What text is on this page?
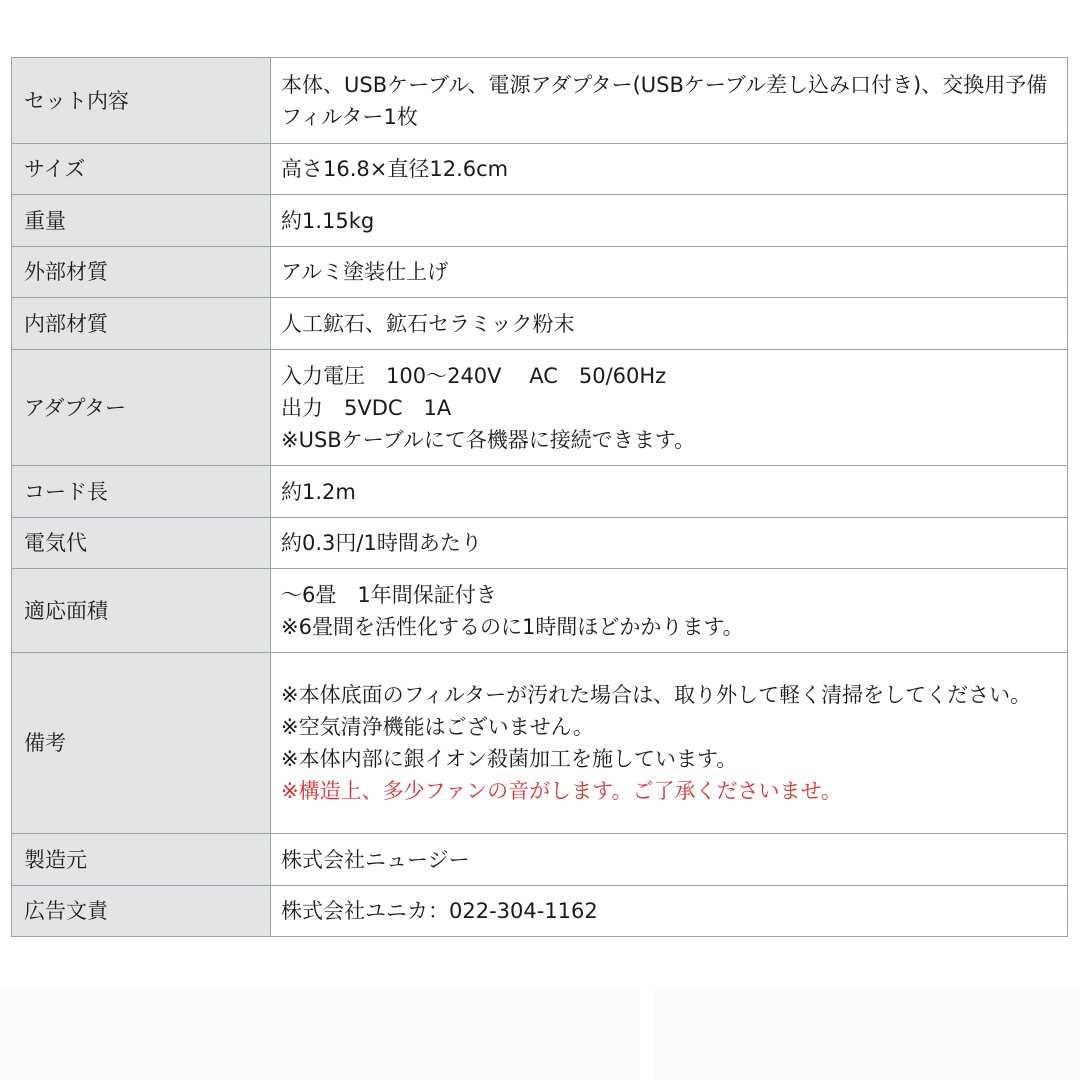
セット内容	本体、USBケーブル、電源アダプター(USBケーブル差し込み口付き)、交換用予備フィルター1枚

サイズ	高さ16.8×直径12.6cm

重量	約1.15kg

外部材質	アルミ塗装仕上げ

内部材質	人工鉱石、鉱石セラミック粉末

アダプター	入力電圧　100〜240V　 AC　50/60Hz
出力　5VDC　1A
※USBケーブルにて各機器に接続できます。

コード長	約1.2m

電気代	約0.3円/1時間あたり

適応面積	〜6畳　1年間保証付き
※6畳間を活性化するのに1時間ほどかかります。

備考	※本体底面のフィルターが汚れた場合は、取り外して軽く清掃をしてください。
※空気清浄機能はございません。
※本体内部に銀イオン殺菌加工を施しています。
※構造上、多少ファンの音がします。ご了承くださいませ。

製造元	株式会社ニュージー

広告文責	株式会社ユニカ：022-304-1162
